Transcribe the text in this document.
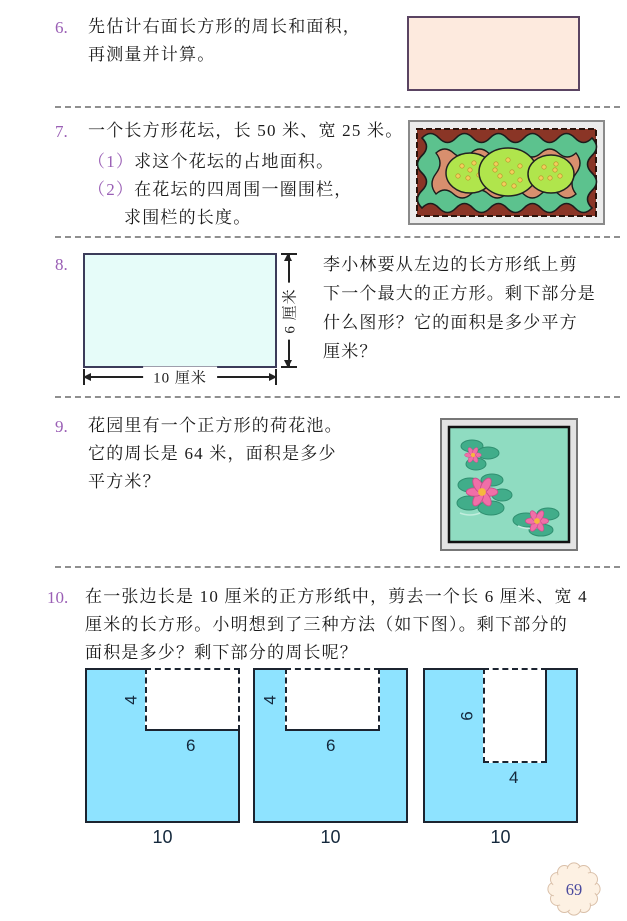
6. 先估计右面长方形的周长和面积，
再测量并计算。
7. 一个长方形花坛，长 50 米、宽 25 米。
（1）求这个花坛的占地面积。
（2）在花坛的四周围一圈围栏，
求围栏的长度。
8.
6 厘米
10 厘米
李小林要从左边的长方形纸上剪
下一个最大的正方形。剩下部分是
什么图形？它的面积是多少平方
厘米？
9. 花园里有一个正方形的荷花池。
它的周长是 64 米，面积是多少
平方米？
10. 在一张边长是 10 厘米的正方形纸中，剪去一个长 6 厘米、宽 4
厘米的长方形。小明想到了三种方法（如下图）。剩下部分的
面积是多少？剩下部分的周长呢？
4
6
10
4
6
10
6
4
10
69
